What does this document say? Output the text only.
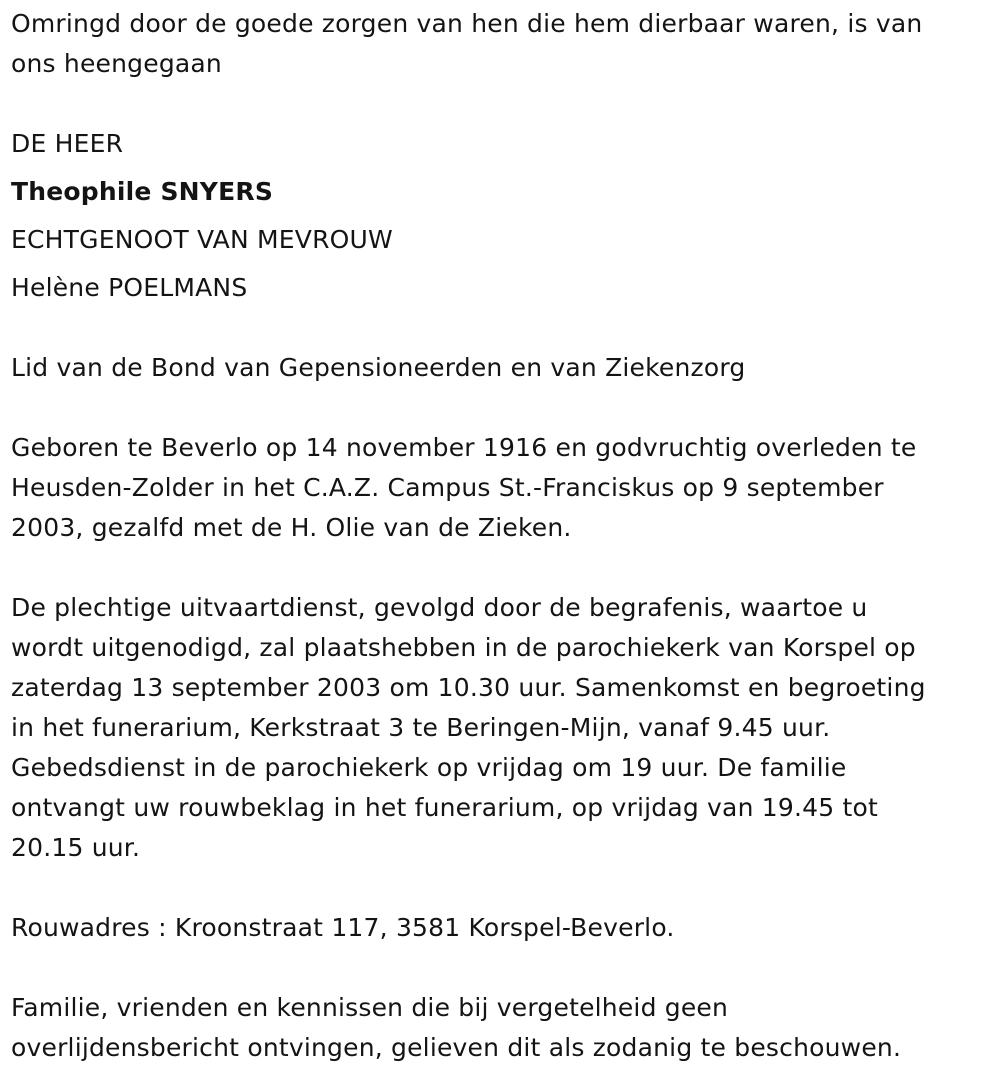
Omringd door de goede zorgen van hen die hem dierbaar waren, is van

ons heengegaan

DE HEER

Theophile SNYERS

ECHTGENOOT VAN MEVROUW

Helène POELMANS

Lid van de Bond van Gepensioneerden en van Ziekenzorg

Geboren te Beverlo op 14 november 1916 en godvruchtig overleden te

Heusden-Zolder in het C.A.Z. Campus St.-Franciskus op 9 september

2003, gezalfd met de H. Olie van de Zieken.

De plechtige uitvaartdienst, gevolgd door de begrafenis, waartoe u

wordt uitgenodigd, zal plaatshebben in de parochiekerk van Korspel op

zaterdag 13 september 2003 om 10.30 uur. Samenkomst en begroeting

in het funerarium, Kerkstraat 3 te Beringen-Mijn, vanaf 9.45 uur.

Gebedsdienst in de parochiekerk op vrijdag om 19 uur. De familie

ontvangt uw rouwbeklag in het funerarium, op vrijdag van 19.45 tot

20.15 uur.

Rouwadres : Kroonstraat 117, 3581 Korspel-Beverlo.

Familie, vrienden en kennissen die bij vergetelheid geen

overlijdensbericht ontvingen, gelieven dit als zodanig te beschouwen.
